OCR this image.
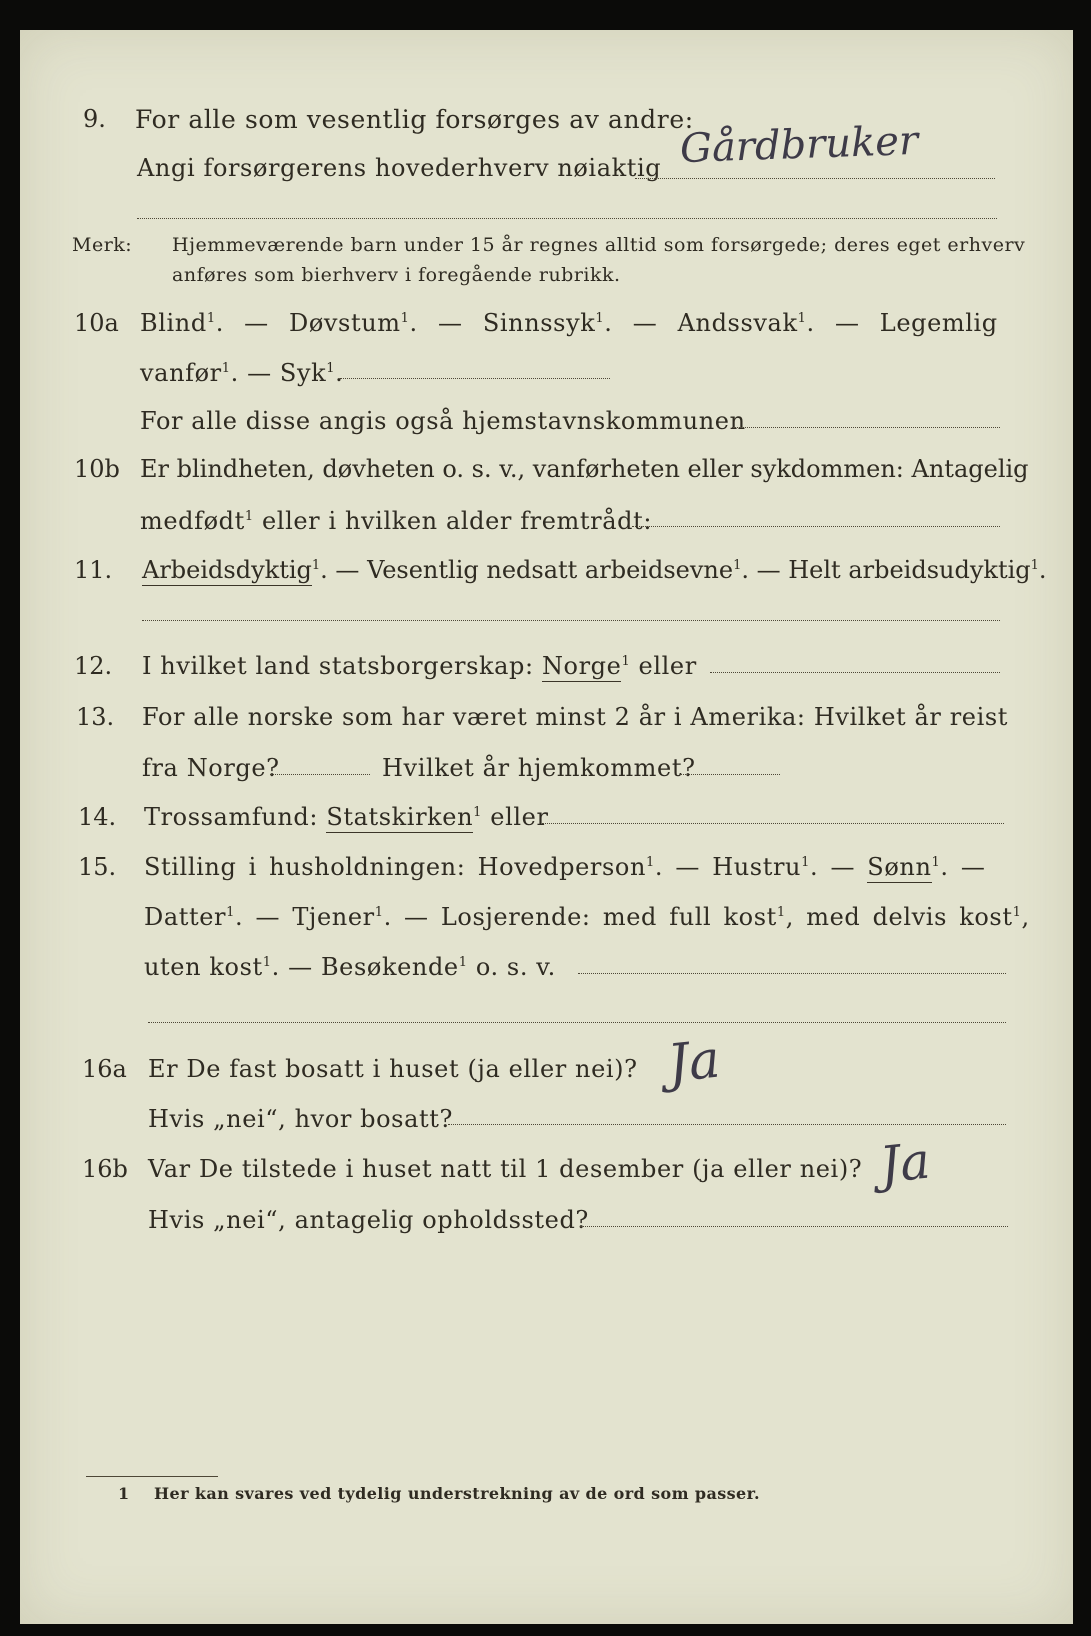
9. For alle som vesentlig forsørges av andre:
Angi forsørgerens hovederhverv nøiaktig Gårdbruker
Merk: Hjemmeværende barn under 15 år regnes alltid som forsørgede; deres eget erhverv
anføres som bierhverv i foregående rubrikk.
10a Blind$^1$. — Døvstum$^1$. — Sinnssyk$^1$. — Andssvak$^1$. — Legemlig
vanfør$^1$. — Syk$^1$.
For alle disse angis også hjemstavnskommunen
10b Er blindheten, døvheten o. s. v., vanførheten eller sykdommen: Antagelig
medfødt$^1$ eller i hvilken alder fremtrådt:
11. Arbeidsdyktig$^1$. — Vesentlig nedsatt arbeidsevne$^1$. — Helt arbeidsudyktig$^1$.
12. I hvilket land statsborgerskap: Norge$^1$ eller
13. For alle norske som har været minst 2 år i Amerika: Hvilket år reist
fra Norge?	Hvilket år hjemkommet?
14. Trossamfund: Statskirken$^1$ eller
15. Stilling i husholdningen: Hovedperson$^1$. — Hustru$^1$. — Sønn$^1$. —
Datter$^1$. — Tjener$^1$. — Losjerende: med full kost$^1$, med delvis kost$^1$,
uten kost$^1$. — Besøkende$^1$ o. s. v.
16a Er De fast bosatt i huset (ja eller nei)? Ja
Hvis „nei“, hvor bosatt?
16b Var De tilstede i huset natt til 1 desember (ja eller nei)? Ja
Hvis „nei“, antagelig opholdssted?
1 Her kan svares ved tydelig understrekning av de ord som passer.
